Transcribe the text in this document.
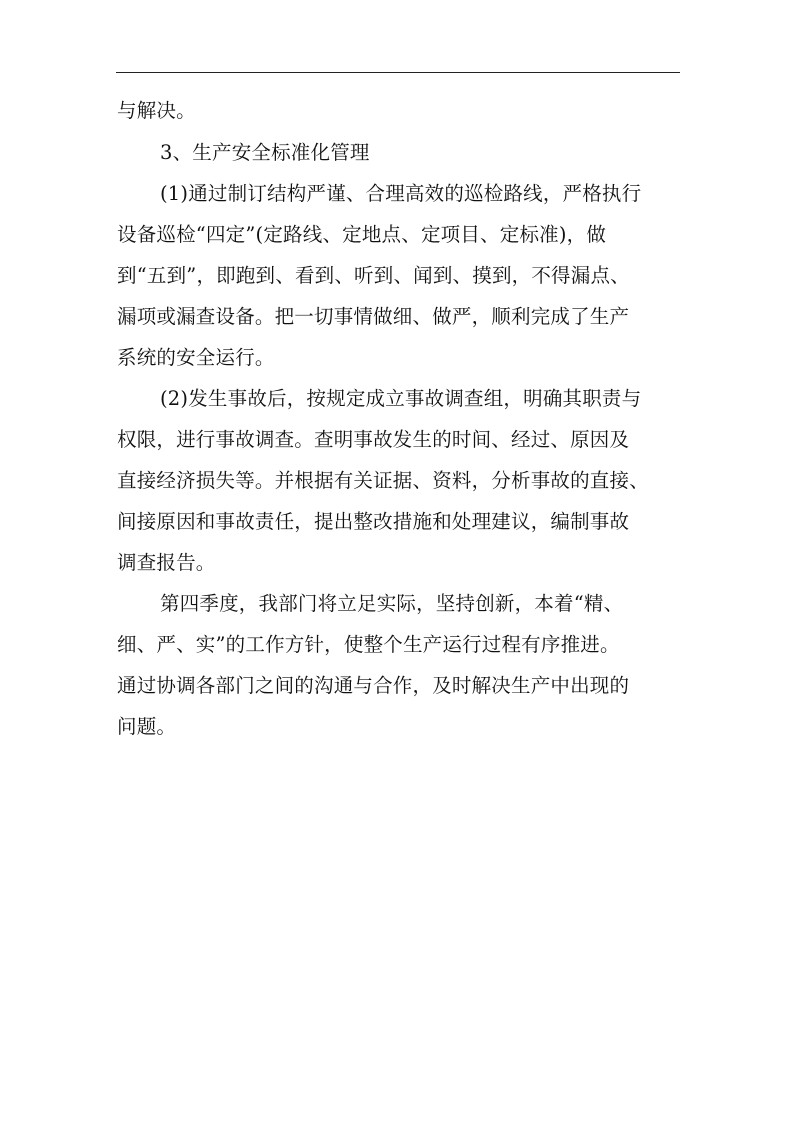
与解决。
3、生产安全标准化管理
(1)通过制订结构严谨、合理高效的巡检路线，严格执行
设备巡检“四定”(定路线、定地点、定项目、定标准)，做
到“五到”，即跑到、看到、听到、闻到、摸到，不得漏点、
漏项或漏查设备。把一切事情做细、做严，顺利完成了生产
系统的安全运行。
(2)发生事故后，按规定成立事故调查组，明确其职责与
权限，进行事故调查。查明事故发生的时间、经过、原因及
直接经济损失等。并根据有关证据、资料，分析事故的直接、
间接原因和事故责任，提出整改措施和处理建议，编制事故
调查报告。
第四季度，我部门将立足实际，坚持创新，本着“精、
细、严、实”的工作方针，使整个生产运行过程有序推进。
通过协调各部门之间的沟通与合作，及时解决生产中出现的
问题。
